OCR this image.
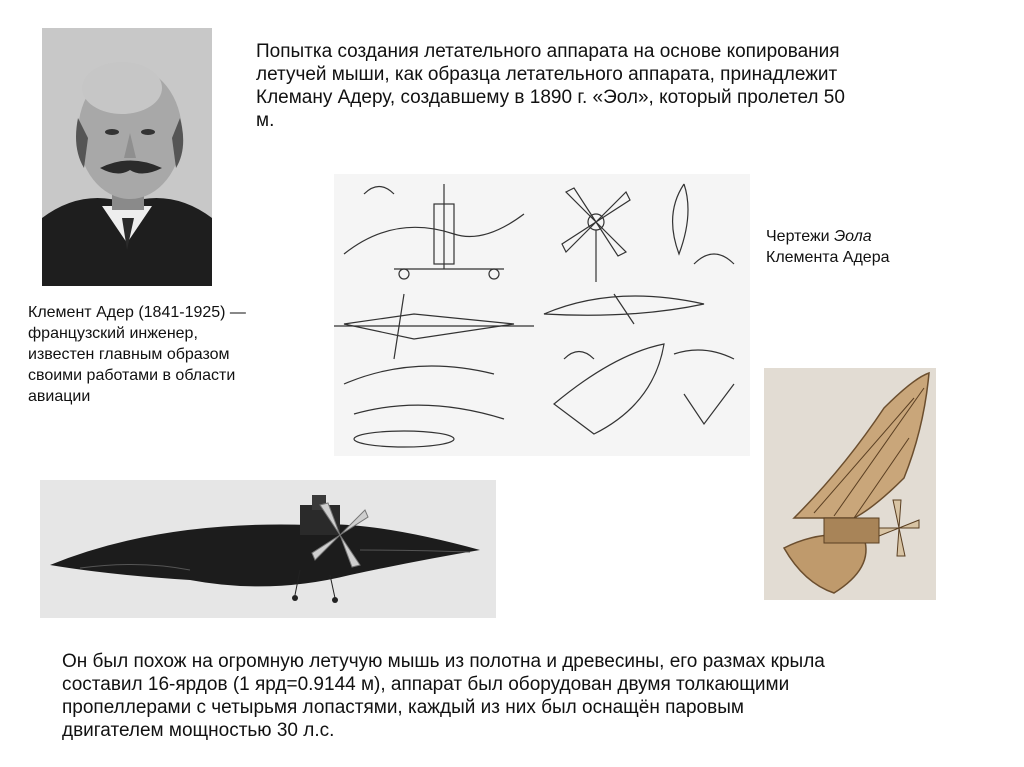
Попытка создания летательного аппарата на основе копирования
летучей мыши, как образца летательного аппарата, принадлежит
Клеману Адеру, создавшему в 1890 г. «Эол», который пролетел 50
м.
Чертежи Эола
Клемента Адера
Клемент Адер (1841-1925) —
французский инженер,
известен главным образом
своими работами в области
авиации
Он был похож на огромную летучую мышь из полотна и древесины, его размах крыла
составил 16-ярдов (1 ярд=0.9144 м), аппарат был оборудован двумя толкающими
пропеллерами с четырьмя лопастями, каждый из них был оснащён паровым
двигателем мощностью 30 л.с.
